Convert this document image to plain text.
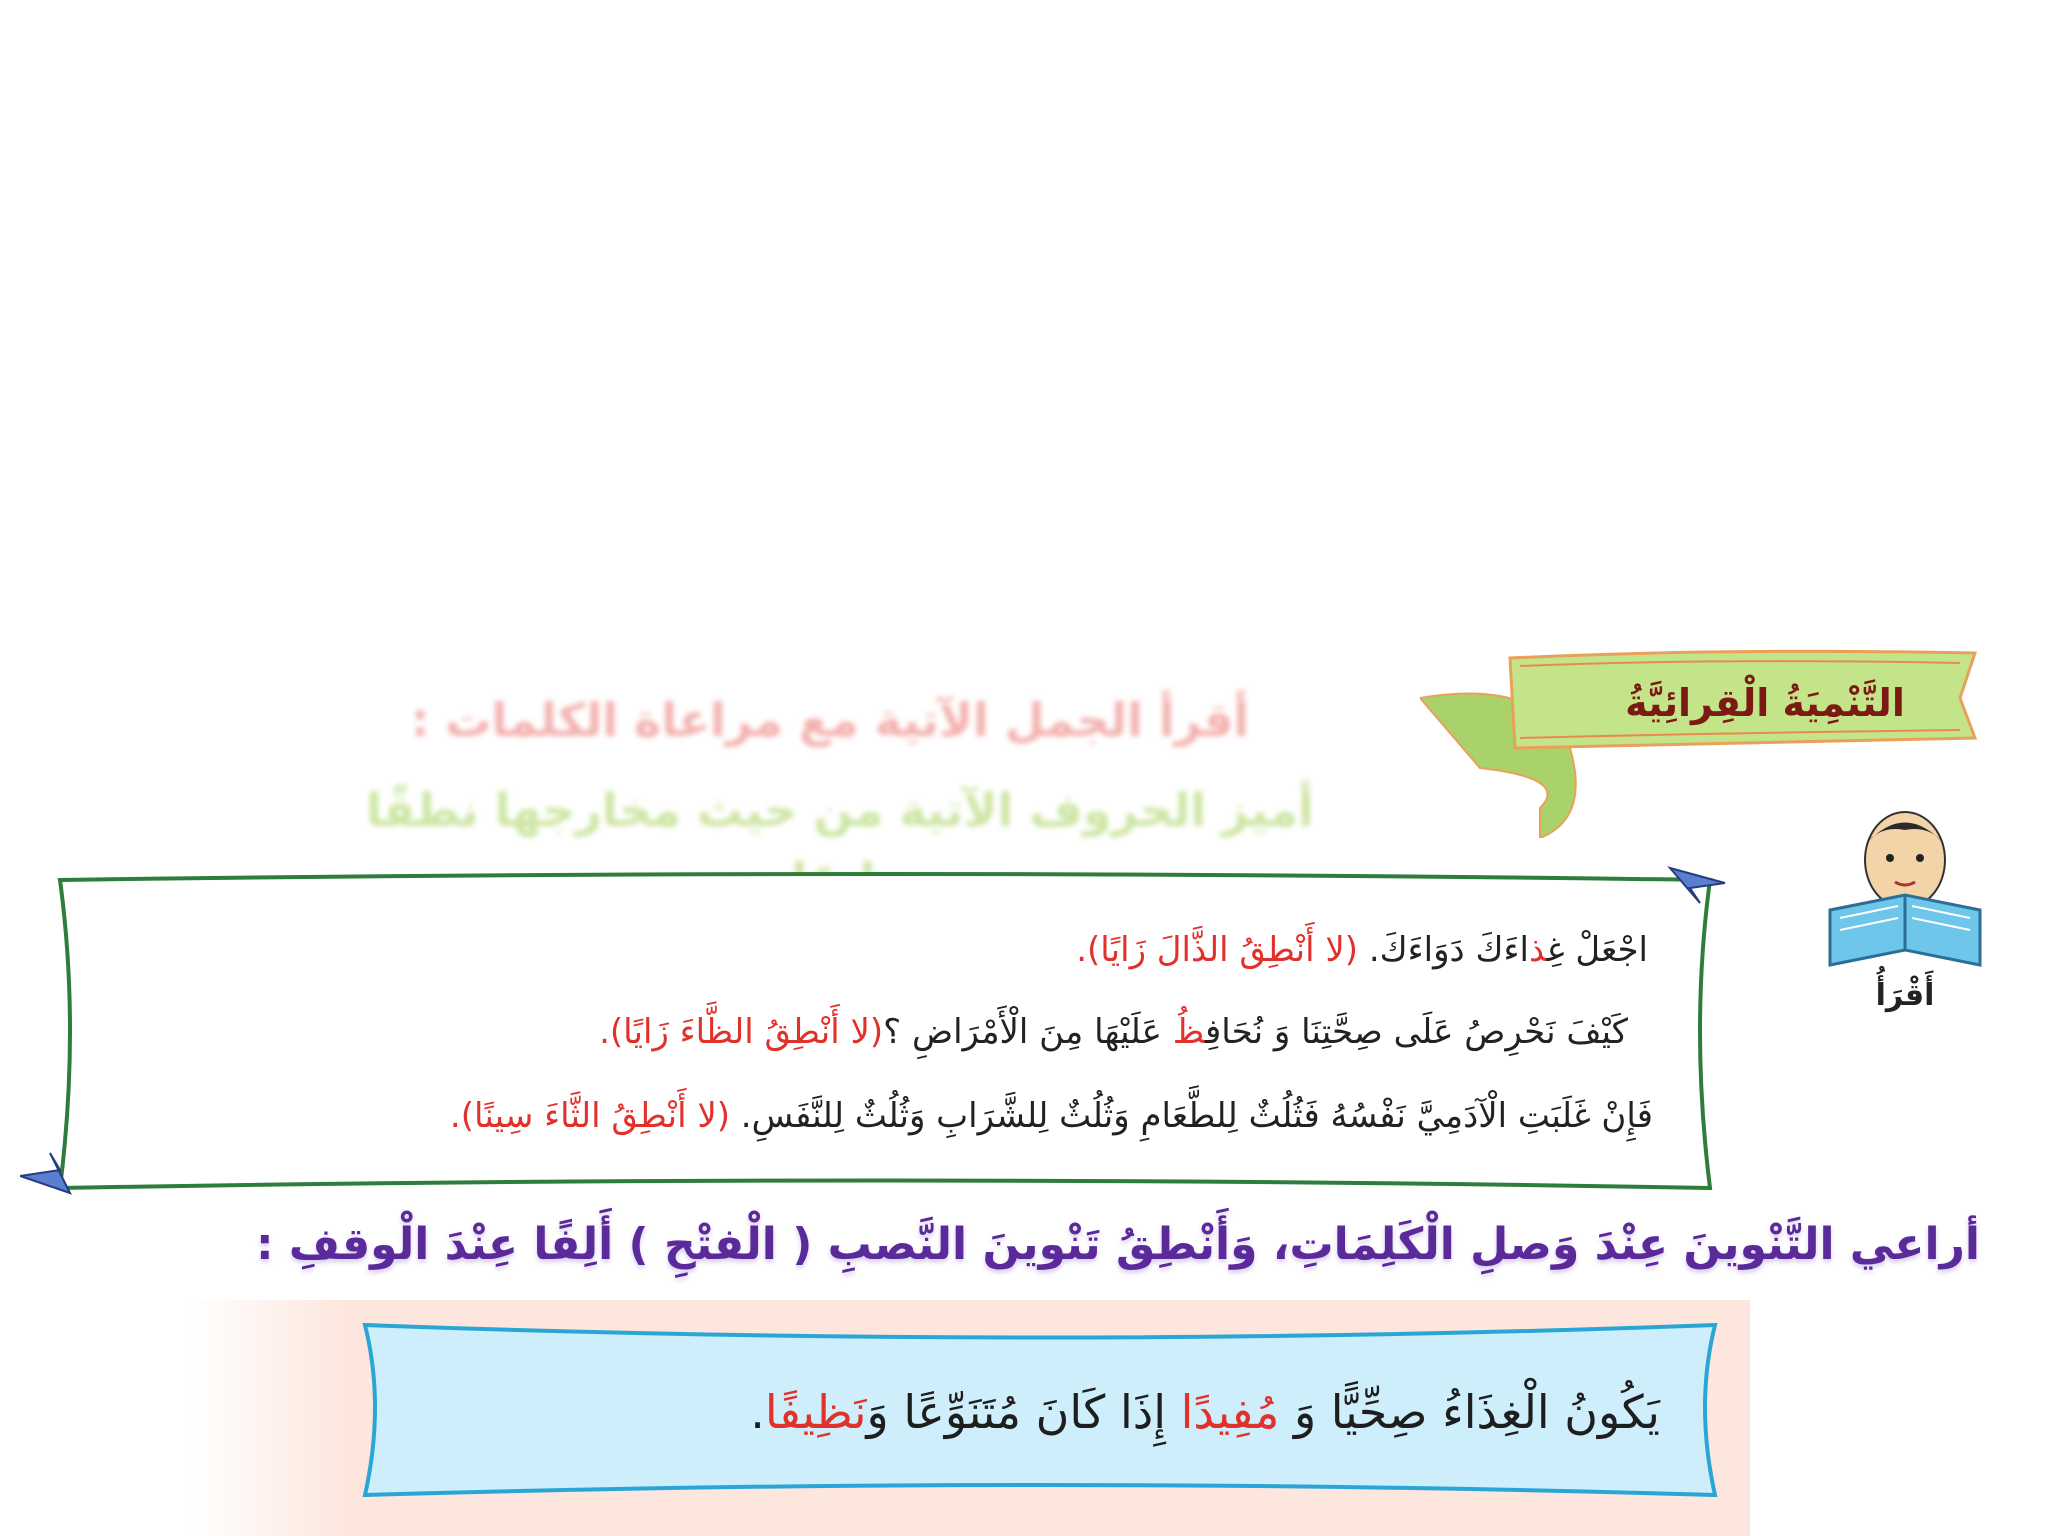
التَّنْمِيَةُ الْقِرائِيَّةُ
أقرأ الجمل الآتية مع مراعاة الكلمات :
أميز الحروف الآتية من حيث مخارجها نطقًا
أَقْرَأُ
اجْعَلْ غِذاءَكَ دَوَاءَكَ. (لا أَنْطِقُ الذَّالَ زَايًا).
كَيْفَ نَحْرِصُ عَلَى صِحَّتِنَا وَ نُحَافِظُ عَلَيْهَا مِنَ الْأَمْرَاضِ ؟(لا أَنْطِقُ الظَّاءَ زَايًا).
فَإِنْ غَلَبَتِ الْآدَمِيَّ نَفْسُهُ فَثُلُثٌ لِلطَّعَامِ وَثُلُثٌ لِلشَّرَابِ وَثُلُثٌ لِلنَّفَسِ. (لا أَنْطِقُ الثَّاءَ سِينًا).
أراعي التَّنْوينَ عِنْدَ وَصلِ الْكَلِمَاتِ، وَأَنْطِقُ تَنْوينَ النَّصبِ ( الْفتْحِ ) أَلِفًا عِنْدَ الْوقفِ :
يَكُونُ الْغِذَاءُ صِحِّيًّا وَ مُفِيدًا إِذَا كَانَ مُتَنَوِّعًا وَنَظِيفًا.
